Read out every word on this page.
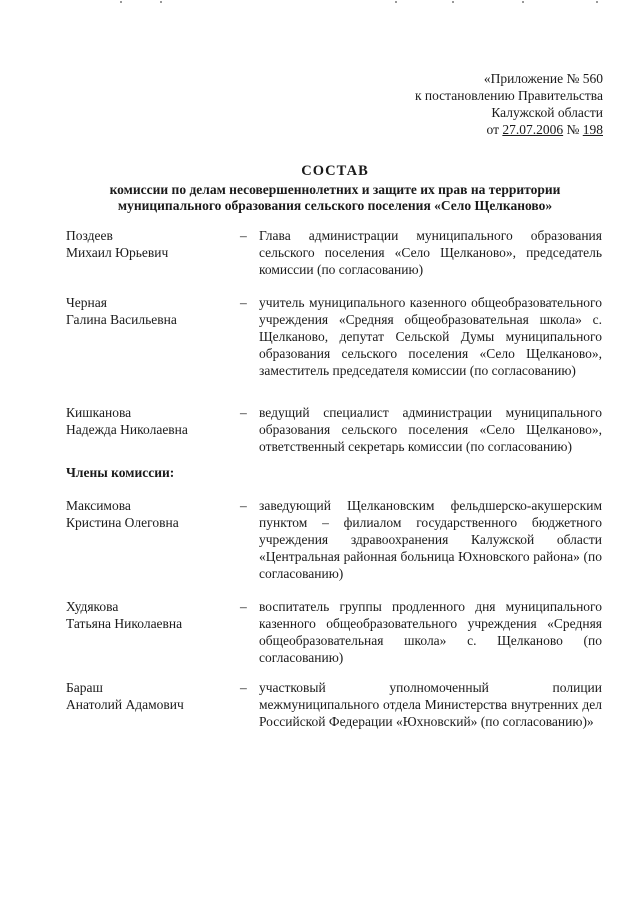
«Приложение № 560
к постановлению Правительства
Калужской области
от 27.07.2006 № 198
СОСТАВ
комиссии по делам несовершеннолетних и защите их прав на территории
муниципального образования сельского поселения «Село Щелканово»
Поздеев
Михаил Юрьевич
– Глава администрации муниципального образования сельского поселения «Село Щелканово», председатель комиссии (по согласованию)
Черная
Галина Васильевна
– учитель муниципального казенного общеобразовательного учреждения «Средняя общеобразовательная школа» с. Щелканово, депутат Сельской Думы муниципального образования сельского поселения «Село Щелканово», заместитель председателя комиссии (по согласованию)
Кишканова
Надежда Николаевна
– ведущий специалист администрации муниципального образования сельского поселения «Село Щелканово», ответственный секретарь комиссии (по согласованию)
Члены комиссии:
Максимова
Кристина Олеговна
– заведующий Щелкановским фельдшерско-акушерским пунктом – филиалом государственного бюджетного учреждения здравоохранения Калужской области «Центральная районная больница Юхновского района» (по согласованию)
Худякова
Татьяна Николаевна
– воспитатель группы продленного дня муниципального казенного общеобразовательного учреждения «Средняя общеобразовательная школа» с. Щелканово (по согласованию)
Бараш
Анатолий Адамович
– участковый уполномоченный полиции межмуниципального отдела Министерства внутренних дел Российской Федерации «Юхновский» (по согласованию)»
